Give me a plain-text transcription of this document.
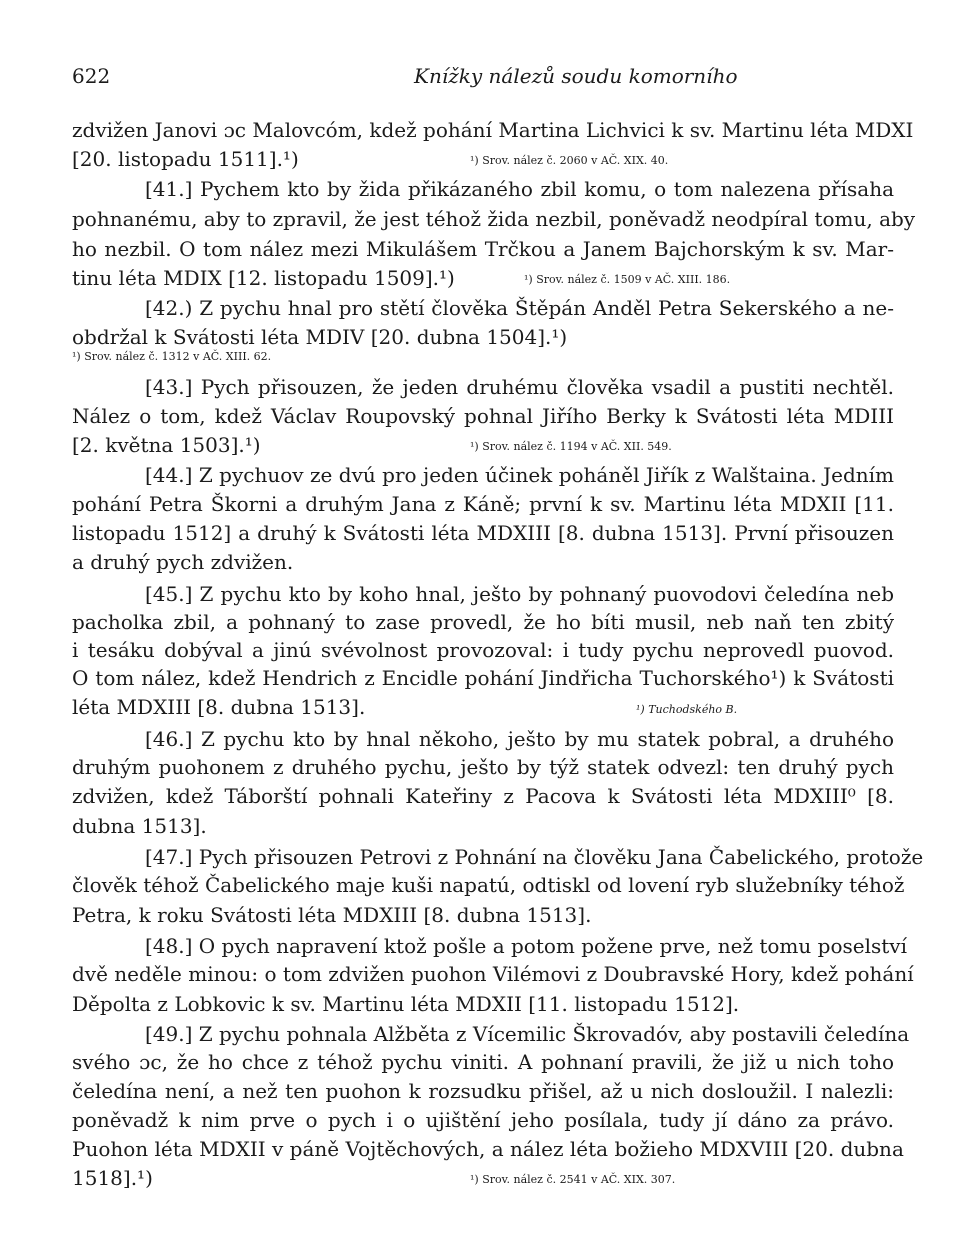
622	Knížky nálezů soudu komorního
zdvižen Janovi ɔc Malovcóm, kdež pohání Martina Lichvici k sv. Martinu léta MDXI
[20. listopadu 1511].¹)	¹) Srov. nález č. 2060 v AČ. XIX. 40.
[41.] Pychem kto by žida přikázaného zbil komu, o tom nalezena přísaha
pohnanému, aby to zpravil, že jest téhož žida nezbil, poněvadž neodpíral tomu, aby
ho nezbil. O tom nález mezi Mikulášem Trčkou a Janem Bajchorským k sv. Mar-
tinu léta MDIX [12. listopadu 1509].¹)	¹) Srov. nález č. 1509 v AČ. XIII. 186.
[42.) Z pychu hnal pro stětí člověka Štěpán Anděl Petra Sekerského a ne-
obdržal k Svátosti léta MDIV [20. dubna 1504].¹)
¹) Srov. nález č. 1312 v AČ. XIII. 62.
[43.] Pych přisouzen, že jeden druhému člověka vsadil a pustiti nechtěl.
Nález o tom, kdež Václav Roupovský pohnal Jiřího Berky k Svátosti léta MDIII
[2. května 1503].¹)	¹) Srov. nález č. 1194 v AČ. XII. 549.
[44.] Z pychuov ze dvú pro jeden účinek poháněl Jiřík z Walštaina. Jedním
pohání Petra Škorni a druhým Jana z Káně; první k sv. Martinu léta MDXII [11.
listopadu 1512] a druhý k Svátosti léta MDXIII [8. dubna 1513]. První přisouzen
a druhý pych zdvižen.
[45.] Z pychu kto by koho hnal, ješto by pohnaný puovodovi čeledína neb
pacholka zbil, a pohnaný to zase provedl, že ho bíti musil, neb naň ten zbitý
i tesáku dobýval a jinú svévolnost provozoval: i tudy pychu neprovedl puovod.
O tom nález, kdež Hendrich z Encidle pohání Jindřicha Tuchorského¹) k Svátosti
léta MDXIII [8. dubna 1513].	¹) Tuchodského B.
[46.] Z pychu kto by hnal někoho, ješto by mu statek pobral, a druhého
druhým puohonem z druhého pychu, ješto by týž statek odvezl: ten druhý pych
zdvižen, kdež Táborští pohnali Kateřiny z Pacova k Svátosti léta MDXIII⁰ [8.
dubna 1513].
[47.] Pych přisouzen Petrovi z Pohnání na člověku Jana Čabelického, protože
člověk téhož Čabelického maje kuši napatú, odtiskl od lovení ryb služebníky téhož
Petra, k roku Svátosti léta MDXIII [8. dubna 1513].
[48.] O pych napravení ktož pošle a potom požene prve, než tomu poselství
dvě neděle minou: o tom zdvižen puohon Vilémovi z Doubravské Hory, kdež pohání
Děpolta z Lobkovic k sv. Martinu léta MDXII [11. listopadu 1512].
[49.] Z pychu pohnala Alžběta z Vícemilic Škrovadóv, aby postavili čeledína
svého ɔc, že ho chce z téhož pychu viniti. A pohnaní pravili, že již u nich toho
čeledína není, a než ten puohon k rozsudku přišel, až u nich dosloužil. I nalezli:
poněvadž k nim prve o pych i o ujištění jeho posílala, tudy jí dáno za právo.
Puohon léta MDXII v páně Vojtěchových, a nález léta božieho MDXVIII [20. dubna
1518].¹)	¹) Srov. nález č. 2541 v AČ. XIX. 307.
